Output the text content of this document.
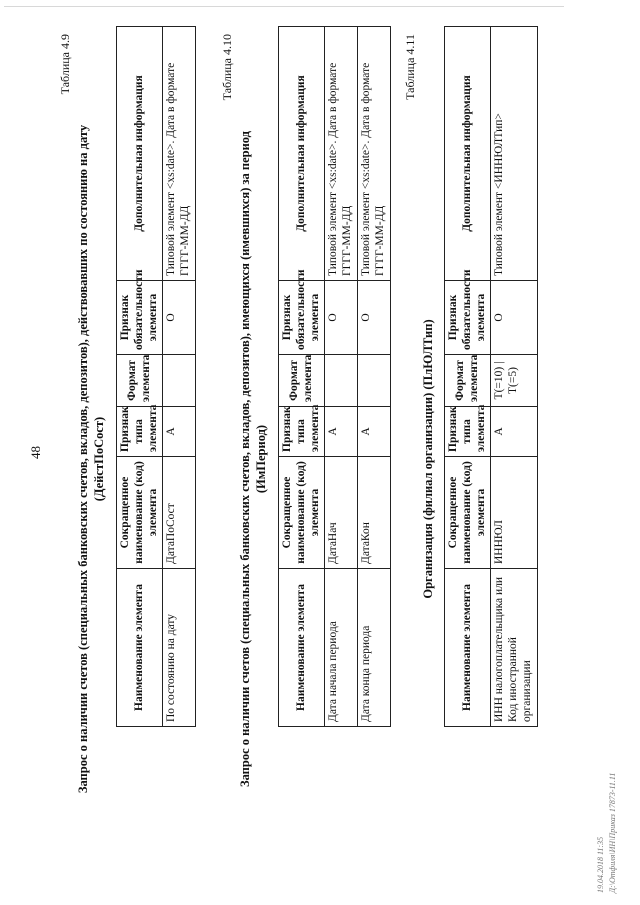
48
Таблица 4.9
Запрос о наличии счетов (специальных банковских счетов, вкладов, депозитов), действовавших по состоянию на дату (ДейстПоСост)
Наименование элемента	Сокращенное наименование (код) элемента	Признак типа элемента	Формат элемента	Признак обязательности элемента	Дополнительная информация
По состоянию на дату	ДатаПоСост	А		О	Типовой элемент <xs:date>. Дата в формате ГГГГ-ММ-ДД
Таблица 4.10
Запрос о наличии счетов (специальных банковских счетов, вкладов, депозитов), имеющихся (имевшихся) за период (ИмПериод)
Наименование элемента	Сокращенное наименование (код) элемента	Признак типа элемента	Формат элемента	Признак обязательности элемента	Дополнительная информация
Дата начала периода	ДатаНач	А		О	Типовой элемент <xs:date>. Дата в формате ГГГГ-ММ-ДД
Дата конца периода	ДатаКон	А		О	Типовой элемент <xs:date>. Дата в формате ГГГГ-ММ-ДД
Таблица 4.11
Организация (филиал организации) (ПлЮЛТип)
Наименование элемента	Сокращенное наименование (код) элемента	Признак типа элемента	Формат элемента	Признак обязательности элемента	Дополнительная информация
ИНН налогоплательщика или Код иностранной организации	ИННЮЛ	А	T(=10) | T(=5)	О	Типовой элемент <ИННЮЛТип>
19.04.2018 11:35 Д:\Отфиля\ИН\Приказ 17873-11.11
